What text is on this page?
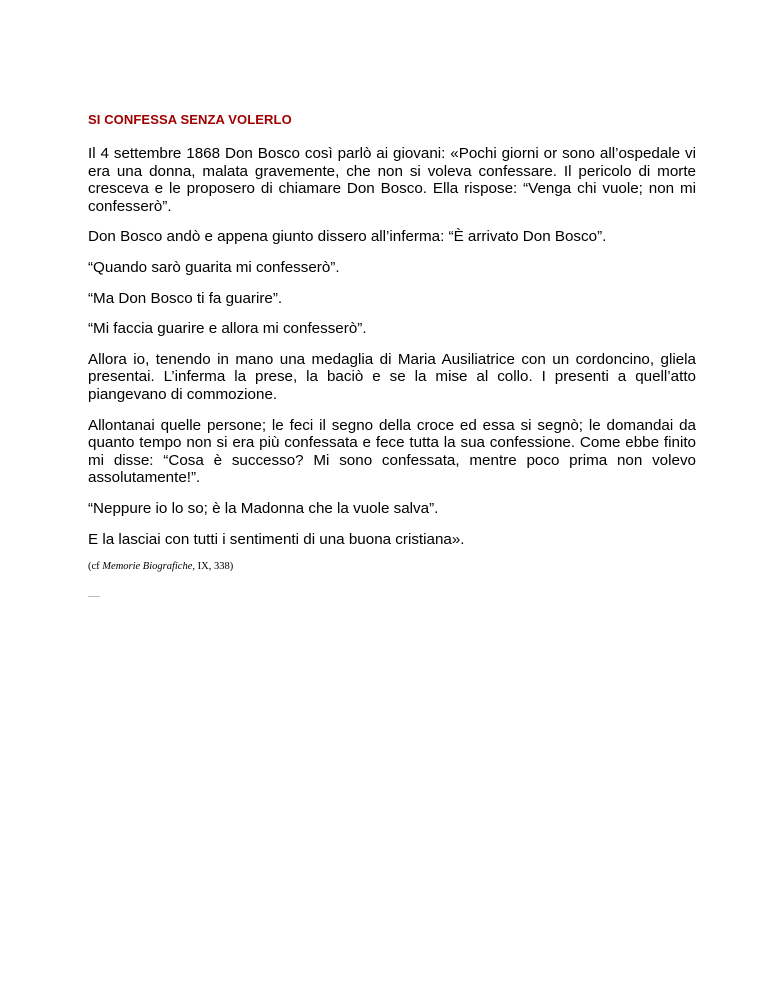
SI CONFESSA SENZA VOLERLO

Il 4 settembre 1868 Don Bosco così parlò ai giovani: «Pochi giorni or sono all’ospedale vi era una donna, malata gravemente, che non si voleva confessare. Il pericolo di morte cresceva e le proposero di chiamare Don Bosco. Ella rispose: “Venga chi vuole; non mi confesserò”.

Don Bosco andò e appena giunto dissero all’inferma: “È arrivato Don Bosco”.

“Quando sarò guarita mi confesserò”.

“Ma Don Bosco ti fa guarire”.

“Mi faccia guarire e allora mi confesserò”.

Allora io, tenendo in mano una medaglia di Maria Ausiliatrice con un cordoncino, gliela presentai. L’inferma la prese, la baciò e se la mise al collo. I presenti a quell’atto piangevano di commozione.

Allontanai quelle persone; le feci il segno della croce ed essa si segnò; le domandai da quanto tempo non si era più confessata e fece tutta la sua confessione. Come ebbe finito mi disse: “Cosa è successo? Mi sono confessata, mentre poco prima non volevo assolutamente!”.

“Neppure io lo so; è la Madonna che la vuole salva”.

E la lasciai con tutti i sentimenti di una buona cristiana».

(cf Memorie Biografiche, IX, 338)
